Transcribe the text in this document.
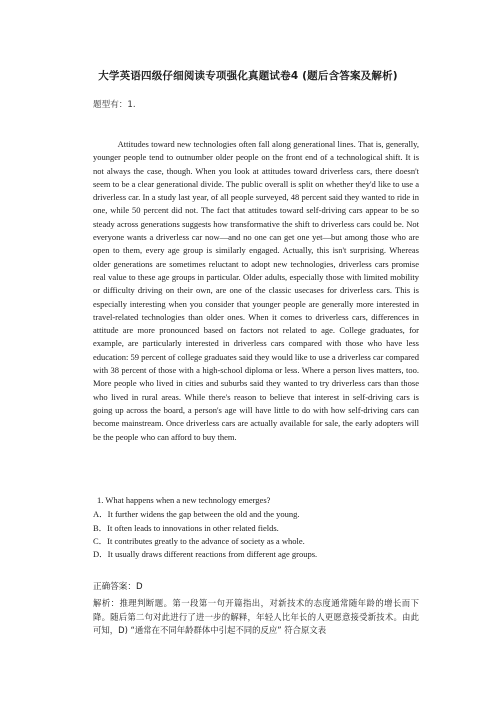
大学英语四级仔细阅读专项强化真题试卷4 (题后含答案及解析)
题型有：1.

Attitudes toward new technologies often fall along generational lines. That is, generally, younger people tend to outnumber older people on the front end of a technological shift. It is not always the case, though. When you look at attitudes toward driverless cars, there doesn't seem to be a clear generational divide. The public overall is split on whether they'd like to use a driverless car. In a study last year, of all people surveyed, 48 percent said they wanted to ride in one, while 50 percent did not. The fact that attitudes toward self-driving cars appear to be so steady across generations suggests how transformative the shift to driverless cars could be. Not everyone wants a driverless car now—and no one can get one yet—but among those who are open to them, every age group is similarly engaged. Actually, this isn't surprising. Whereas older generations are sometimes reluctant to adopt new technologies, driverless cars promise real value to these age groups in particular. Older adults, especially those with limited mobility or difficulty driving on their own, are one of the classic usecases for driverless cars. This is especially interesting when you consider that younger people are generally more interested in travel-related technologies than older ones. When it comes to driverless cars, differences in attitude are more pronounced based on factors not related to age. College graduates, for example, are particularly interested in driverless cars compared with those who have less education: 59 percent of college graduates said they would like to use a driverless car compared with 38 percent of those with a high-school diploma or less. Where a person lives matters, too. More people who lived in cities and suburbs said they wanted to try driverless cars than those who lived in rural areas. While there's reason to believe that interest in self-driving cars is going up across the board, a person's age will have little to do with how self-driving cars can become mainstream. Once driverless cars are actually available for sale, the early adopters will be the people who can afford to buy them.

1. What happens when a new technology emerges?

A．It further widens the gap between the old and the young.

B．It often leads to innovations in other related fields.

C．It contributes greatly to the advance of society as a whole.

D．It usually draws different reactions from different age groups.

正确答案：D

解析：推理判断题。第一段第一句开篇指出，对新技术的态度通常随年龄的增长而下降。随后第二句对此进行了进一步的解释，年轻人比年长的人更愿意接受新技术。由此可知，D) “通常在不同年龄群体中引起不同的反应” 符合原文表
